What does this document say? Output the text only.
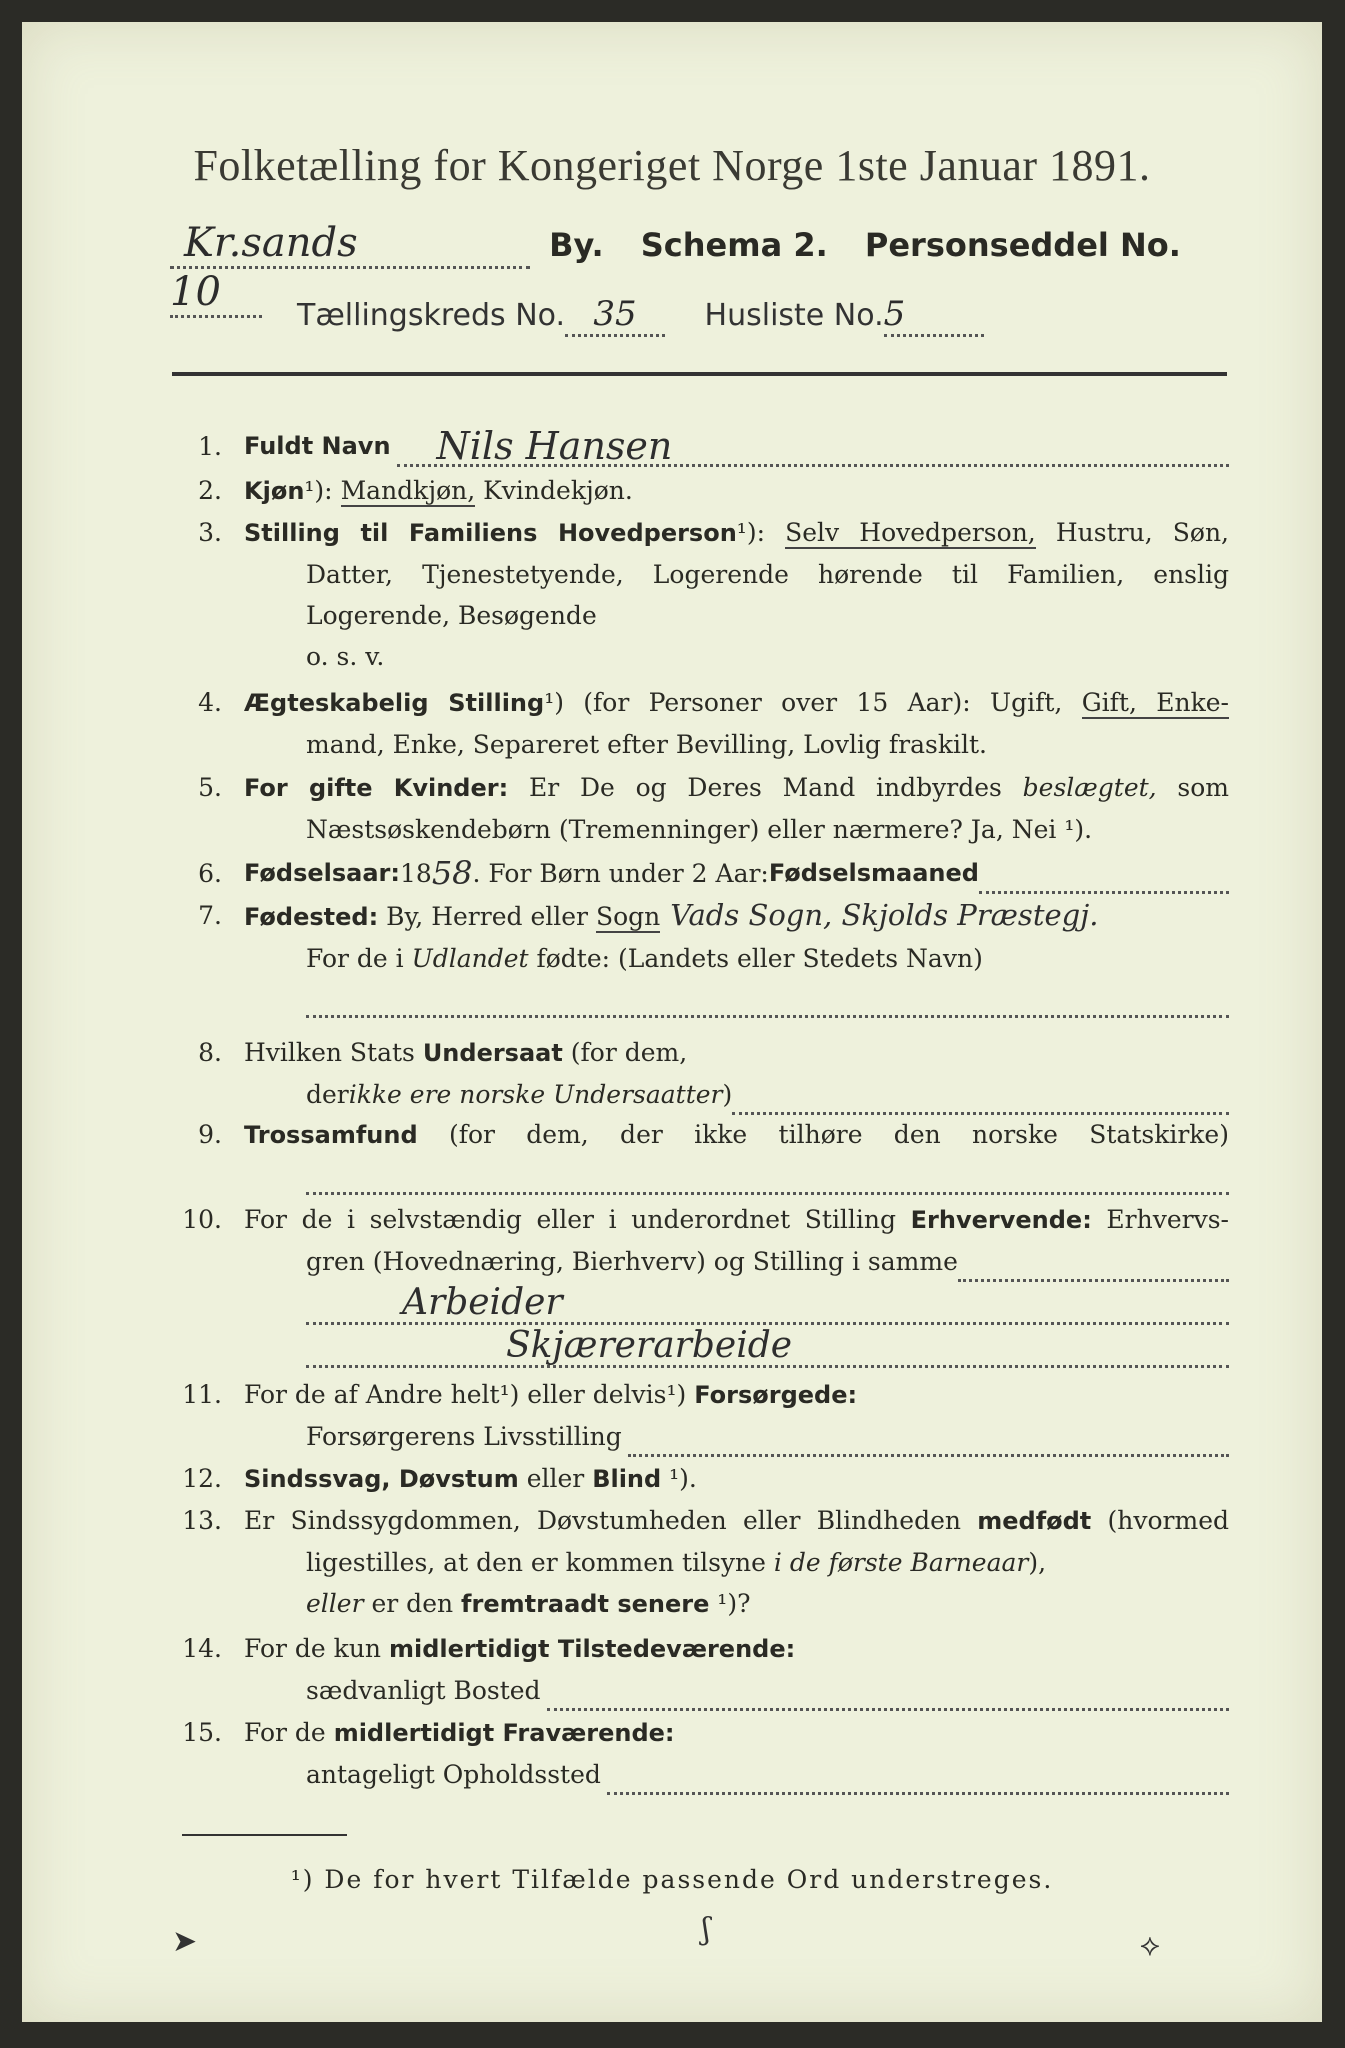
Folketælling for Kongeriget Norge 1ste Januar 1891.
Kr.sands	By. Schema 2. Personseddel No.10
Tællingskreds No. 35 Husliste No.5
1. Fuldt Navn	Nils Hansen
2. Kjøn¹): Mandkjøn, Kvindekjøn.
3. Stilling til Familiens Hovedperson¹): Selv Hovedperson, Hustru, Søn,
Datter, Tjenestetyende, Logerende hørende til Familien, enslig
Logerende, Besøgende
o. s. v.
4. Ægteskabelig Stilling¹) (for Personer over 15 Aar): Ugift, Gift, Enke-
mand, Enke, Separeret efter Bevilling, Lovlig fraskilt.
5. For gifte Kvinder: Er De og Deres Mand indbyrdes beslægtet, som
Næstsøskendebørn (Tremenninger) eller nærmere? Ja, Nei ¹).
6. Fødselsaar: 18 58 . For Børn under 2 Aar: Fødselsmaaned
7. Fødested: By, Herred eller Sogn Vads Sogn, Skjolds Præstegj.
For de i Udlandet fødte: (Landets eller Stedets Navn)
8. Hvilken Stats Undersaat (for dem,
der ikke ere norske Undersaatter )
9. Trossamfund (for dem, der ikke tilhøre den norske Statskirke)
10. For de i selvstændig eller i underordnet Stilling Erhvervende: Erhvervs-
gren (Hovednæring, Bierhverv) og Stilling i samme
Arbeider
Skjærerarbeide
11. For de af Andre helt¹) eller delvis¹) Forsørgede:
Forsørgerens Livsstilling
12. Sindssvag, Døvstum eller Blind ¹).
13. Er Sindssygdommen, Døvstumheden eller Blindheden medfødt (hvormed
ligestilles, at den er kommen tilsyne i de første Barneaar),
eller er den fremtraadt senere ¹)?
14. For de kun midlertidigt Tilstedeværende:
sædvanligt Bosted
15. For de midlertidigt Fraværende:
antageligt Opholdssted
¹) De for hvert Tilfælde passende Ord understreges.
➤	ʃ	⟡
